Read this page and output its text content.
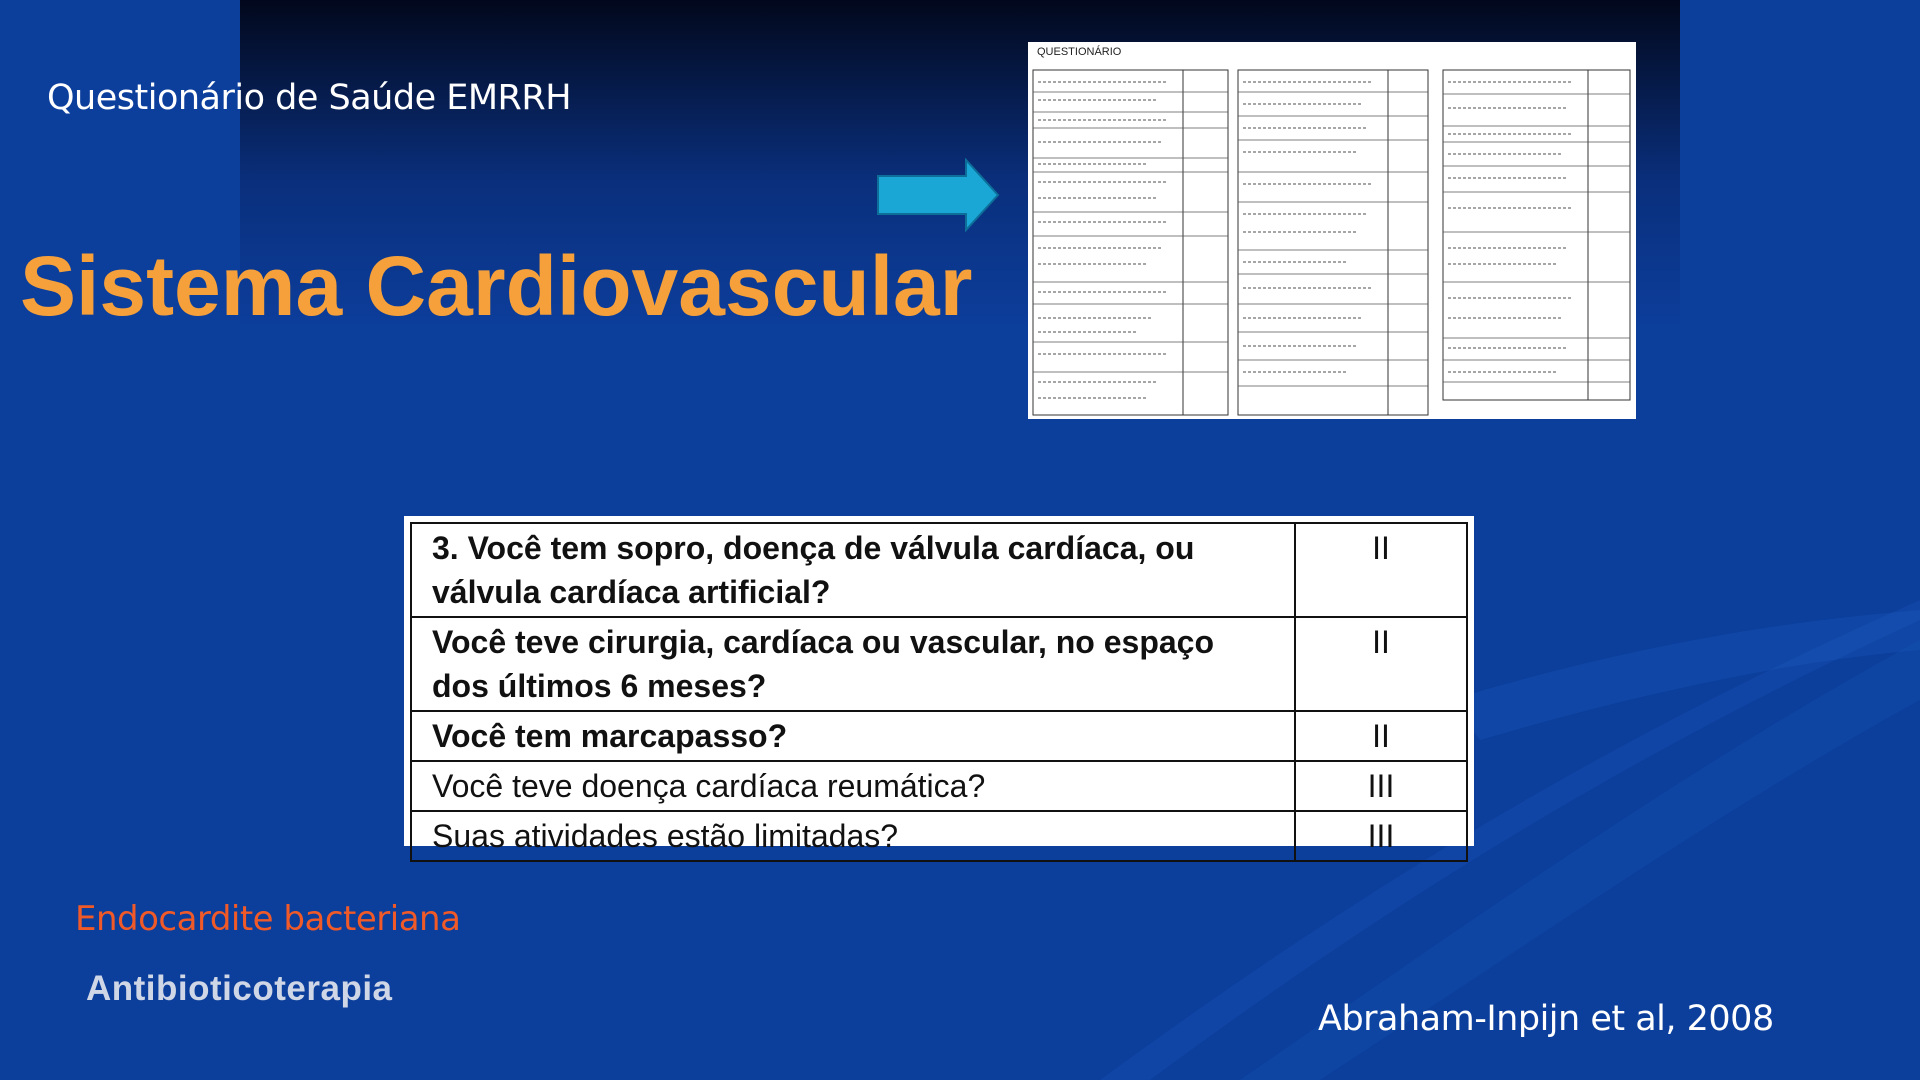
Questionário de Saúde EMRRH
Sistema Cardiovascular
QUESTIONÁRIO
3. Você tem sopro, doença de válvula cardíaca, ou válvula cardíaca artificial?	II
Você teve cirurgia, cardíaca ou vascular, no espaço dos últimos 6 meses?	II
Você tem marcapasso?	II
Você teve doença cardíaca reumática?	III
Suas atividades estão limitadas?	III
Endocardite bacteriana
Antibioticoterapia
Abraham-Inpijn et al, 2008
